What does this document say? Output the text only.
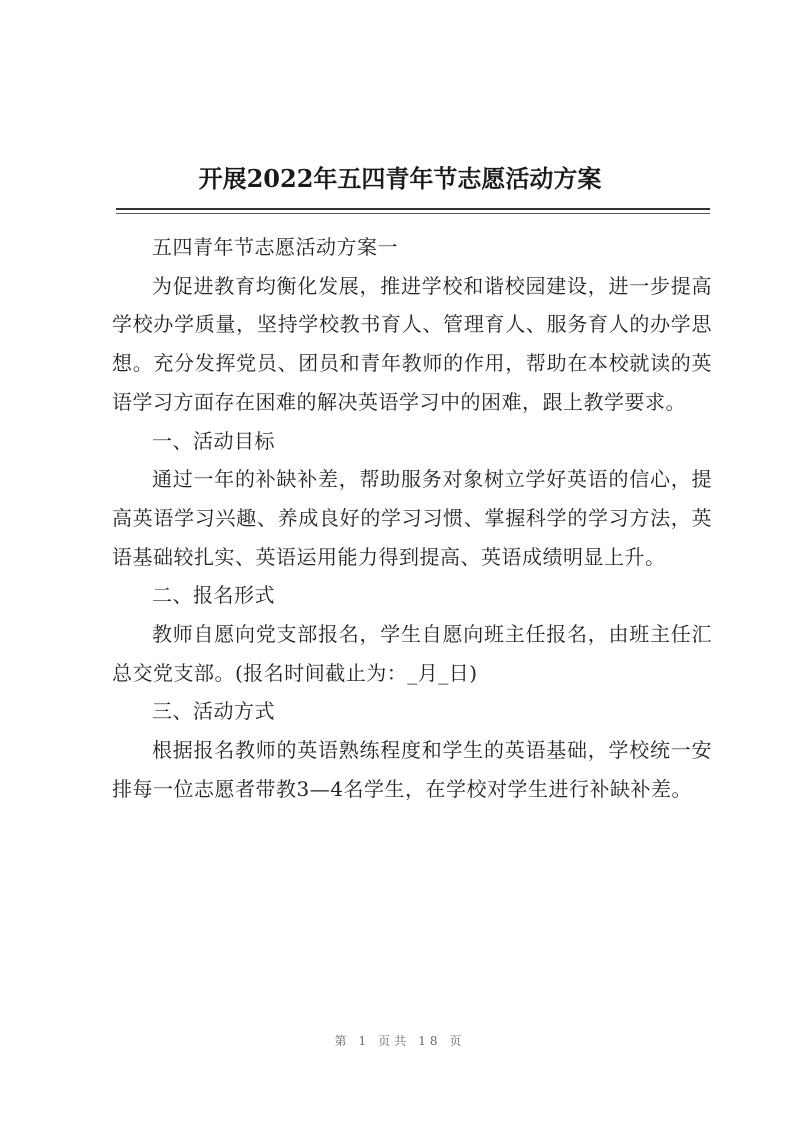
开展2022年五四青年节志愿活动方案

五四青年节志愿活动方案一

为促进教育均衡化发展，推进学校和谐校园建设，进一步提高学校办学质量，坚持学校教书育人、管理育人、服务育人的办学思想。充分发挥党员、团员和青年教师的作用，帮助在本校就读的英语学习方面存在困难的解决英语学习中的困难，跟上教学要求。

一、活动目标

通过一年的补缺补差，帮助服务对象树立学好英语的信心，提高英语学习兴趣、养成良好的学习习惯、掌握科学的学习方法，英语基础较扎实、英语运用能力得到提高、英语成绩明显上升。

二、报名形式

教师自愿向党支部报名，学生自愿向班主任报名，由班主任汇总交党支部。(报名时间截止为：_月_日)

三、活动方式

根据报名教师的英语熟练程度和学生的英语基础，学校统一安排每一位志愿者带教3—4名学生，在学校对学生进行补缺补差。

第 1 页共 18 页
